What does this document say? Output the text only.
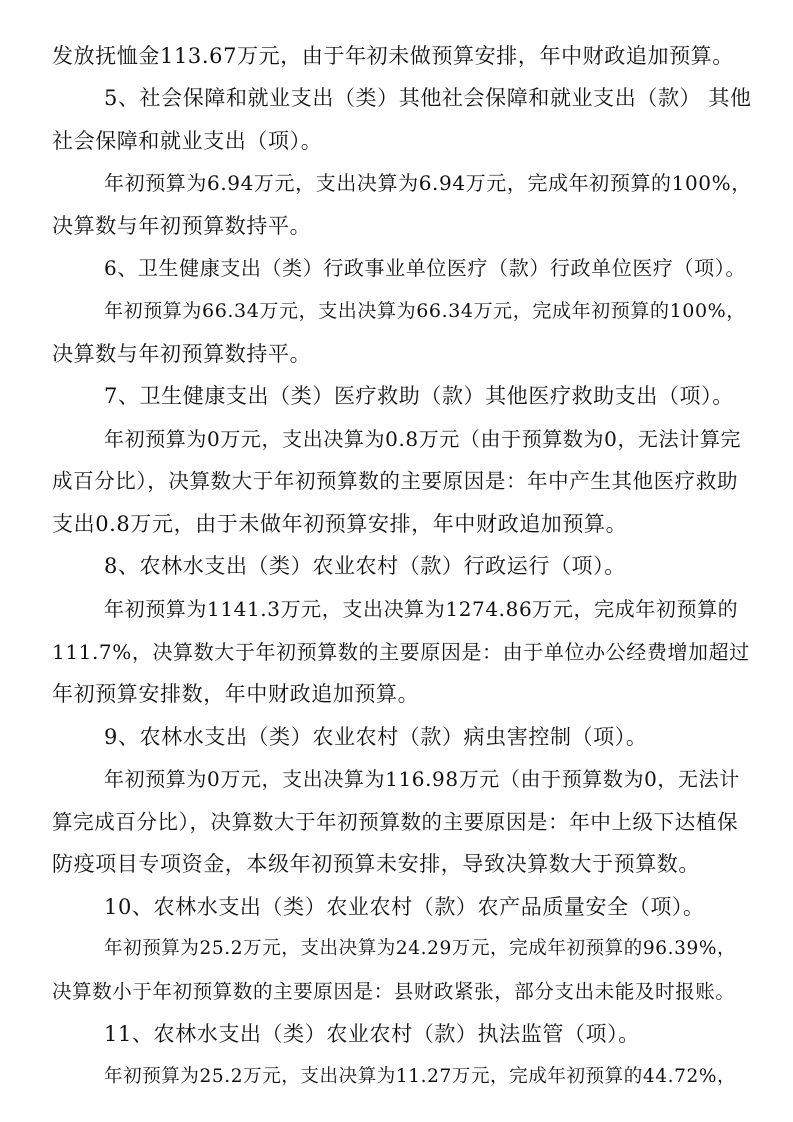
发放抚恤金113.67万元，由于年初未做预算安排，年中财政追加预算。
5、社会保障和就业支出（类）其他社会保障和就业支出（款） 其他
社会保障和就业支出（项）。
年初预算为6.94万元，支出决算为6.94万元，完成年初预算的100%，
决算数与年初预算数持平。
6、卫生健康支出（类）行政事业单位医疗（款）行政单位医疗（项）。
年初预算为66.34万元，支出决算为66.34万元，完成年初预算的100%，
决算数与年初预算数持平。
7、卫生健康支出（类）医疗救助（款）其他医疗救助支出（项）。
年初预算为0万元，支出决算为0.8万元（由于预算数为0，无法计算完
成百分比），决算数大于年初预算数的主要原因是：年中产生其他医疗救助
支出0.8万元，由于未做年初预算安排，年中财政追加预算。
8、农林水支出（类）农业农村（款）行政运行（项）。
年初预算为1141.3万元，支出决算为1274.86万元，完成年初预算的
111.7%，决算数大于年初预算数的主要原因是：由于单位办公经费增加超过
年初预算安排数，年中财政追加预算。
9、农林水支出（类）农业农村（款）病虫害控制（项）。
年初预算为0万元，支出决算为116.98万元（由于预算数为0，无法计
算完成百分比），决算数大于年初预算数的主要原因是：年中上级下达植保
防疫项目专项资金，本级年初预算未安排，导致决算数大于预算数。
10、农林水支出（类）农业农村（款）农产品质量安全（项）。
年初预算为25.2万元，支出决算为24.29万元，完成年初预算的96.39%，
决算数小于年初预算数的主要原因是：县财政紧张，部分支出未能及时报账。
11、农林水支出（类）农业农村（款）执法监管（项）。
年初预算为25.2万元，支出决算为11.27万元，完成年初预算的44.72%，
